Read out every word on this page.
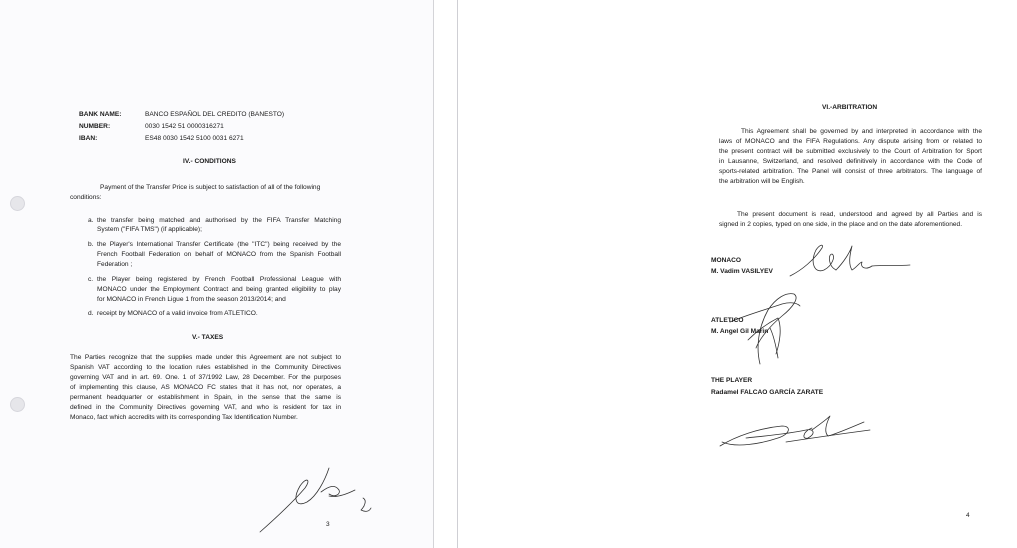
BANK NAME:	BANCO ESPAÑOL DEL CREDITO (BANESTO)

NUMBER:	0030 1542 51 0000316271

IBAN:	ES48 0030 1542 5100 0031 6271

IV.- CONDITIONS

Payment of the Transfer Price is subject to satisfaction of all of the following

conditions:

a. the transfer being matched and authorised by the FIFA Transfer Matching

System ("FIFA TMS") (if applicable);

b. the Player's International Transfer Certificate (the "ITC") being received by the

French Football Federation on behalf of MONACO from the Spanish Football

Federation ;

c. the Player being registered by French Football Professional League with

MONACO under the Employment Contract and being granted eligibility to play

for MONACO in French Ligue 1 from the season 2013/2014; and

d. receipt by MONACO of a valid invoice from ATLETICO.

V.- TAXES

The Parties recognize that the supplies made under this Agreement are not subject to

Spanish VAT according to the location rules established in the Community Directives

governing VAT and in art. 69. One. 1 of 37/1992 Law, 28 December. For the purposes

of implementing this clause, AS MONACO FC states that it has not, nor operates, a

permanent headquarter or establishment in Spain, in the sense that the same is

defined in the Community Directives governing VAT, and who is resident for tax in

Monaco, fact which accredits with its corresponding Tax Identification Number.

3

VI.-ARBITRATION

This Agreement shall be governed by and interpreted in accordance with the

laws of MONACO and the FIFA Regulations. Any dispute arising from or related to

the present contract will be submitted exclusively to the Court of Arbitration for Sport

in Lausanne, Switzerland, and resolved definitively in accordance with the Code of

sports-related arbitration. The Panel will consist of three arbitrators. The language of

the arbitration will be English.

The present document is read, understood and agreed by all Parties and is

signed in 2 copies, typed on one side, in the place and on the date aforementioned.

MONACO

M. Vadim VASILYEV

ATLETICO

M. Angel Gil Marin

THE PLAYER

Radamel FALCAO GARCÍA ZARATE

4
